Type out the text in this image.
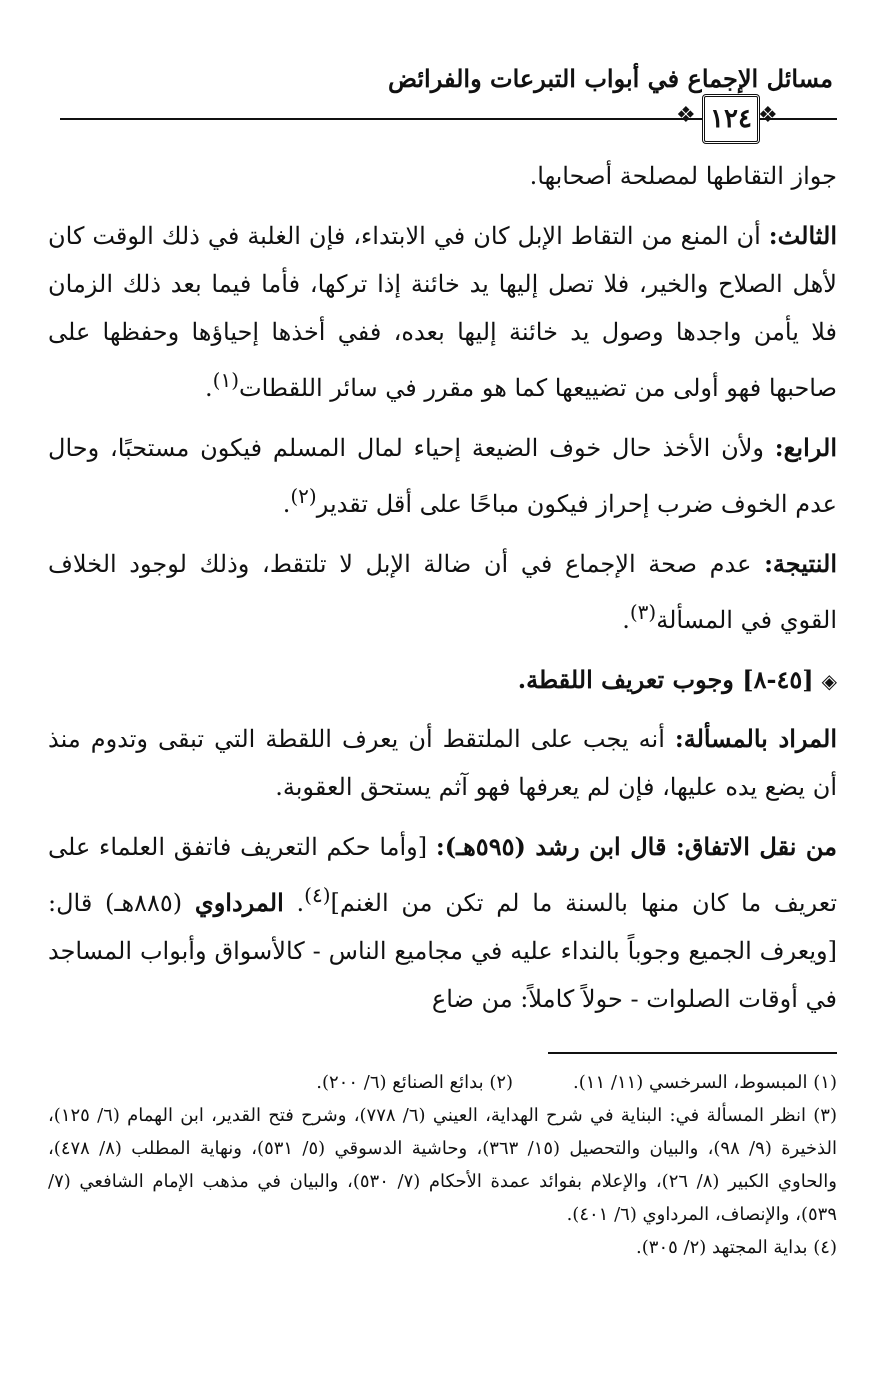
مسائل الإجماع في أبواب التبرعات والفرائض
❖ ١٢٤ ❖

جواز التقاطها لمصلحة أصحابها.

الثالث: أن المنع من التقاط الإبل كان في الابتداء، فإن الغلبة في ذلك الوقت كان لأهل الصلاح والخير، فلا تصل إليها يد خائنة إذا تركها، فأما فيما بعد ذلك الزمان فلا يأمن واجدها وصول يد خائنة إليها بعده، ففي أخذها إحياؤها وحفظها على صاحبها فهو أولى من تضييعها كما هو مقرر في سائر اللقطات$^{(١)}$.

الرابع: ولأن الأخذ حال خوف الضيعة إحياء لمال المسلم فيكون مستحبًا، وحال عدم الخوف ضرب إحراز فيكون مباحًا على أقل تقدير$^{(٢)}$.

النتيجة: عدم صحة الإجماع في أن ضالة الإبل لا تلتقط، وذلك لوجود الخلاف القوي في المسألة$^{(٣)}$.

◈[٤٥-٨] وجوب تعريف اللقطة.

المراد بالمسألة: أنه يجب على الملتقط أن يعرف اللقطة التي تبقى وتدوم منذ أن يضع يده عليها، فإن لم يعرفها فهو آثم يستحق العقوبة.

من نقل الاتفاق: قال ابن رشد (٥٩٥هـ): [وأما حكم التعريف فاتفق العلماء على تعريف ما كان منها بالسنة ما لم تكن من الغنم]$^{(٤)}$. المرداوي (٨٨٥هـ) قال: [ويعرف الجميع وجوباً بالنداء عليه في مجاميع الناس - كالأسواق وأبواب المساجد في أوقات الصلوات - حولاً كاملاً: من ضاع

(١) المبسوط، السرخسي (١١/ ١١).

(٢) بدائع الصنائع (٦/ ٢٠٠).

(٣) انظر المسألة في: البناية في شرح الهداية، العيني (٦/ ٧٧٨)، وشرح فتح القدير، ابن الهمام (٦/ ١٢٥)، الذخيرة (٩/ ٩٨)، والبيان والتحصيل (١٥/ ٣٦٣)، وحاشية الدسوقي (٥/ ٥٣١)، ونهاية المطلب (٨/ ٤٧٨)، والحاوي الكبير (٨/ ٢٦)، والإعلام بفوائد عمدة الأحكام (٧/ ٥٣٠)، والبيان في مذهب الإمام الشافعي (٧/ ٥٣٩)، والإنصاف، المرداوي (٦/ ٤٠١).

(٤) بداية المجتهد (٢/ ٣٠٥).
